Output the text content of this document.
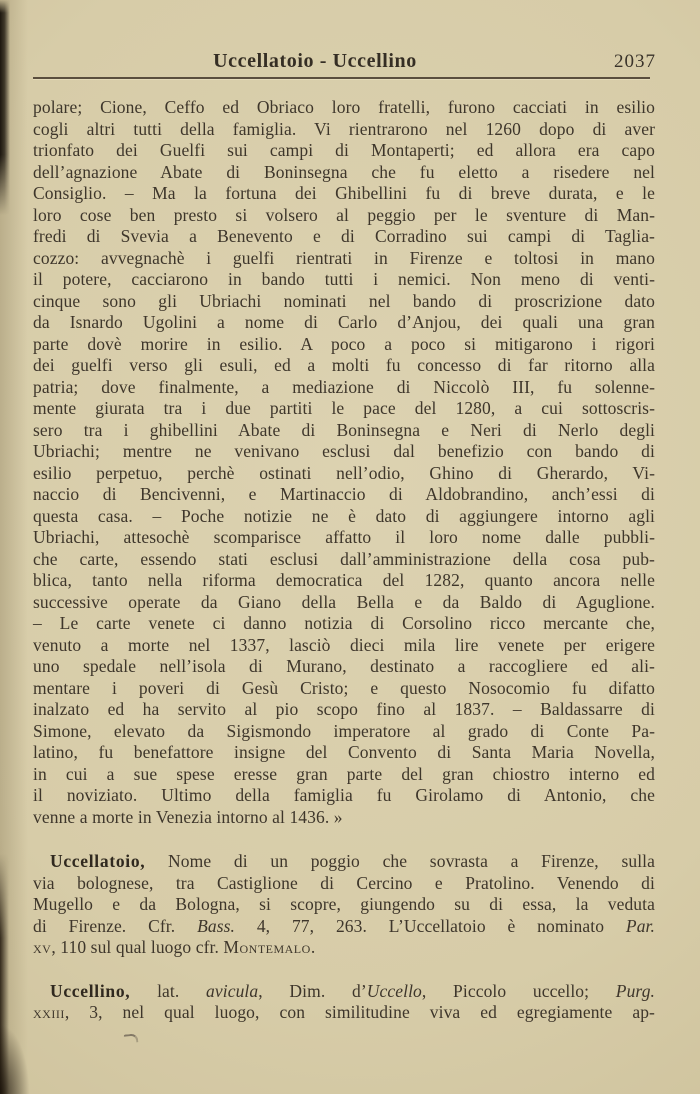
Uccellatoio - Uccellino	2037
polare; Cione, Ceffo ed Obriaco loro fratelli, furono cacciati in esilio
cogli altri tutti della famiglia. Vi rientrarono nel 1260 dopo di aver
trionfato dei Guelfi sui campi di Montaperti; ed allora era capo
dell’agnazione Abate di Boninsegna che fu eletto a risedere nel
Consiglio. – Ma la fortuna dei Ghibellini fu di breve durata, e le
loro cose ben presto si volsero al peggio per le sventure di Man-
fredi di Svevia a Benevento e di Corradino sui campi di Taglia-
cozzo: avvegnachè i guelfi rientrati in Firenze e toltosi in mano
il potere, cacciarono in bando tutti i nemici. Non meno di venti-
cinque sono gli Ubriachi nominati nel bando di proscrizione dato
da Isnardo Ugolini a nome di Carlo d’Anjou, dei quali una gran
parte dovè morire in esilio. A poco a poco si mitigarono i rigori
dei guelfi verso gli esuli, ed a molti fu concesso di far ritorno alla
patria; dove finalmente, a mediazione di Niccolò III, fu solenne-
mente giurata tra i due partiti le pace del 1280, a cui sottoscris-
sero tra i ghibellini Abate di Boninsegna e Neri di Nerlo degli
Ubriachi; mentre ne venivano esclusi dal benefizio con bando di
esilio perpetuo, perchè ostinati nell’odio, Ghino di Gherardo, Vi-
naccio di Bencivenni, e Martinaccio di Aldobrandino, anch’essi di
questa casa. – Poche notizie ne è dato di aggiungere intorno agli
Ubriachi, attesochè scomparisce affatto il loro nome dalle pubbli-
che carte, essendo stati esclusi dall’amministrazione della cosa pub-
blica, tanto nella riforma democratica del 1282, quanto ancora nelle
successive operate da Giano della Bella e da Baldo di Aguglione.
– Le carte venete ci danno notizia di Corsolino ricco mercante che,
venuto a morte nel 1337, lasciò dieci mila lire venete per erigere
uno spedale nell’isola di Murano, destinato a raccogliere ed ali-
mentare i poveri di Gesù Cristo; e questo Nosocomio fu difatto
inalzato ed ha servito al pio scopo fino al 1837. – Baldassarre di
Simone, elevato da Sigismondo imperatore al grado di Conte Pa-
latino, fu benefattore insigne del Convento di Santa Maria Novella,
in cui a sue spese eresse gran parte del gran chiostro interno ed
il noviziato. Ultimo della famiglia fu Girolamo di Antonio, che
venne a morte in Venezia intorno al 1436. »
Uccellatoio, Nome di un poggio che sovrasta a Firenze, sulla
via bolognese, tra Castiglione di Cercino e Pratolino. Venendo di
Mugello e da Bologna, si scopre, giungendo su di essa, la veduta
di Firenze. Cfr. Bass. 4, 77, 263. L’Uccellatoio è nominato Par.
xv, 110 sul qual luogo cfr. Montemalo.
Uccellino, lat. avicula, Dim. d’Uccello, Piccolo uccello; Purg.
xxiii, 3, nel qual luogo, con similitudine viva ed egregiamente ap-
